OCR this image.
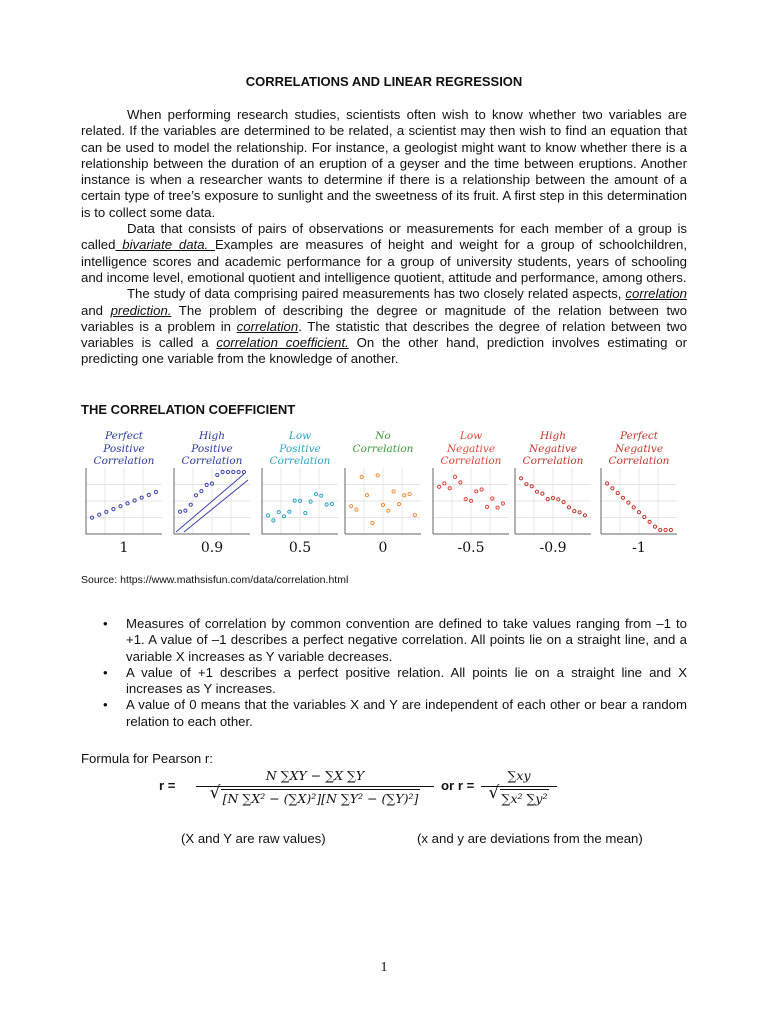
CORRELATIONS AND LINEAR REGRESSION

When performing research studies, scientists often wish to know whether two variables are related. If the variables are determined to be related, a scientist may then wish to find an equation that can be used to model the relationship. For instance, a geologist might want to know whether there is a relationship between the duration of an eruption of a geyser and the time between eruptions. Another instance is when a researcher wants to determine if there is a relationship between the amount of a certain type of tree’s exposure to sunlight and the sweetness of its fruit. A first step in this determination is to collect some data.

Data that consists of pairs of observations or measurements for each member of a group is called bivariate data. Examples are measures of height and weight for a group of schoolchildren, intelligence scores and academic performance for a group of university students, years of schooling and income level, emotional quotient and intelligence quotient, attitude and performance, among others.

The study of data comprising paired measurements has two closely related aspects, correlation and prediction. The problem of describing the degree or magnitude of the relation between two variables is a problem in correlation. The statistic that describes the degree of relation between two variables is called a correlation coefficient. On the other hand, prediction involves estimating or predicting one variable from the knowledge of another.

THE CORRELATION COEFFICIENT
Perfect
Positive
Correlation
1
High
Positive
Correlation
0.9
Low
Positive
Correlation
0.5
No
Correlation
0
Low
Negative
Correlation
-0.5
High
Negative
Correlation
-0.9
Perfect
Negative
Correlation
-1
Source: https://www.mathsisfun.com/data/correlation.html
• Measures of correlation by common convention are defined to take values ranging from –1 to +1. A value of –1 describes a perfect negative correlation. All points lie on a straight line, and a variable X increases as Y variable decreases.
• A value of +1 describes a perfect positive relation. All points lie on a straight line and X increases as Y increases.
• A value of 0 means that the variables X and Y are independent of each other or bear a random relation to each other.
Formula for Pearson r:
r = N ∑XY − ∑X ∑Y
√ [N ∑X² − (∑X)²][N ∑Y² − (∑Y)²] or r = ∑xy
√ ∑x² ∑y²
(X and Y are raw values)	(x and y are deviations from the mean)
1
